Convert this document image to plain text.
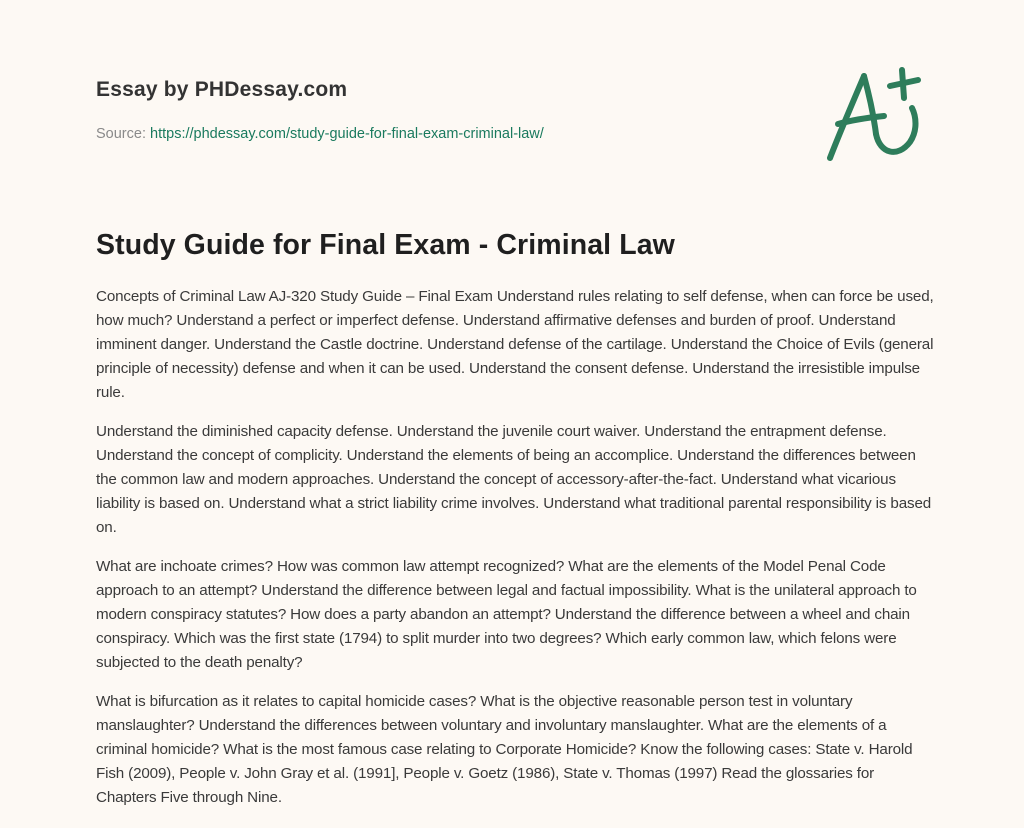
Essay by PHDessay.com
Source: https://phdessay.com/study-guide-for-final-exam-criminal-law/
Study Guide for Final Exam - Criminal Law

Concepts of Criminal Law AJ-320 Study Guide – Final Exam Understand rules relating to self defense, when can force be used, how much? Understand a perfect or imperfect defense. Understand affirmative defenses and burden of proof. Understand imminent danger. Understand the Castle doctrine. Understand defense of the cartilage. Understand the Choice of Evils (general principle of necessity) defense and when it can be used. Understand the consent defense. Understand the irresistible impulse rule.

Understand the diminished capacity defense. Understand the juvenile court waiver. Understand the entrapment defense. Understand the concept of complicity. Understand the elements of being an accomplice. Understand the differences between the common law and modern approaches. Understand the concept of accessory-after-the-fact. Understand what vicarious liability is based on. Understand what a strict liability crime involves. Understand what traditional parental responsibility is based on.

What are inchoate crimes? How was common law attempt recognized? What are the elements of the Model Penal Code approach to an attempt? Understand the difference between legal and factual impossibility. What is the unilateral approach to modern conspiracy statutes? How does a party abandon an attempt? Understand the difference between a wheel and chain conspiracy. Which was the first state (1794) to split murder into two degrees? Which early common law, which felons were subjected to the death penalty?

What is bifurcation as it relates to capital homicide cases? What is the objective reasonable person test in voluntary manslaughter? Understand the differences between voluntary and involuntary manslaughter. What are the elements of a criminal homicide? What is the most famous case relating to Corporate Homicide? Know the following cases: State v. Harold Fish (2009), People v. John Gray et al. (1991], People v. Goetz (1986), State v. Thomas (1997) Read the glossaries for Chapters Five through Nine.
